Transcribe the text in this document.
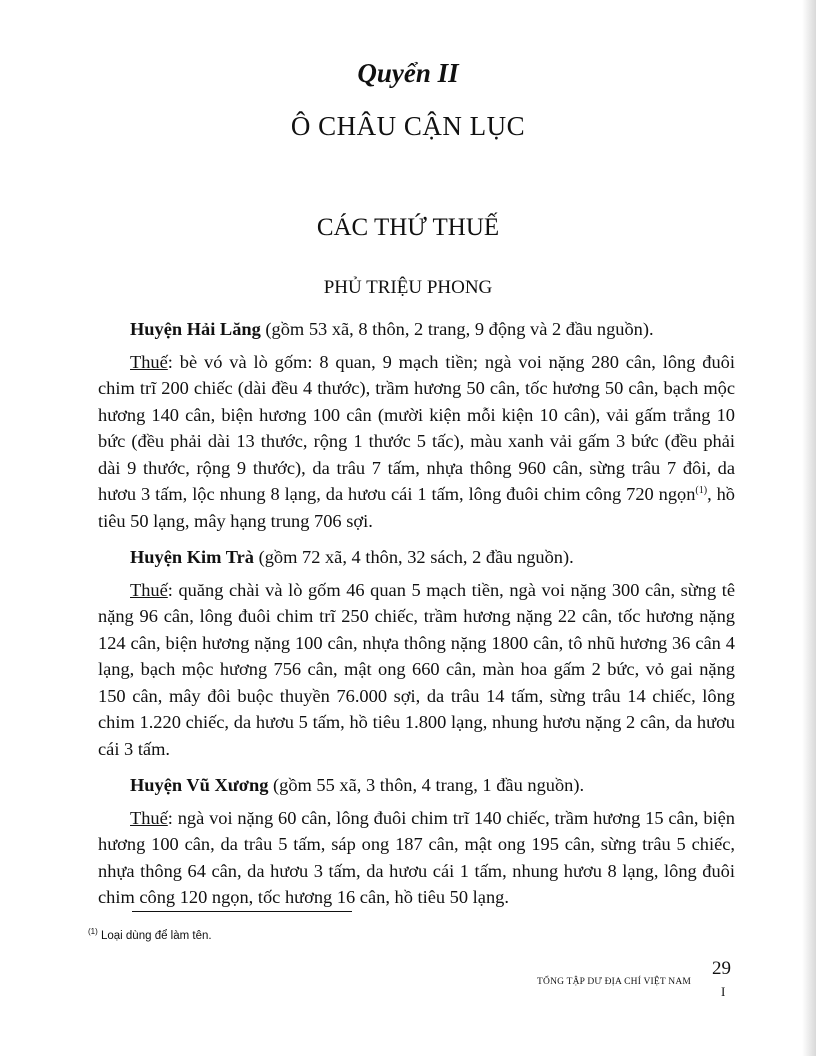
Quyển II
Ô CHÂU CẬN LỤC
CÁC THỨ THUẾ
PHỦ TRIỆU PHONG

Huyện Hải Lăng (gồm 53 xã, 8 thôn, 2 trang, 9 động và 2 đầu nguồn).

Thuế: bè vó và lò gốm: 8 quan, 9 mạch tiền; ngà voi nặng 280 cân, lông đuôi chim trĩ 200 chiếc (dài đều 4 thước), trầm hương 50 cân, tốc hương 50 cân, bạch mộc hương 140 cân, biện hương 100 cân (mười kiện mỗi kiện 10 cân), vải gấm trắng 10 bức (đều phải dài 13 thước, rộng 1 thước 5 tấc), màu xanh vải gấm 3 bức (đều phải dài 9 thước, rộng 9 thước), da trâu 7 tấm, nhựa thông 960 cân, sừng trâu 7 đôi, da hươu 3 tấm, lộc nhung 8 lạng, da hươu cái 1 tấm, lông đuôi chim công 720 ngọn$^{(1)}$, hồ tiêu 50 lạng, mây hạng trung 706 sợi.

Huyện Kim Trà (gồm 72 xã, 4 thôn, 32 sách, 2 đầu nguồn).

Thuế: quăng chài và lò gốm 46 quan 5 mạch tiền, ngà voi nặng 300 cân, sừng tê nặng 96 cân, lông đuôi chim trĩ 250 chiếc, trầm hương nặng 22 cân, tốc hương nặng 124 cân, biện hương nặng 100 cân, nhựa thông nặng 1800 cân, tô nhũ hương 36 cân 4 lạng, bạch mộc hương 756 cân, mật ong 660 cân, màn hoa gấm 2 bức, vỏ gai nặng 150 cân, mây đôi buộc thuyền 76.000 sợi, da trâu 14 tấm, sừng trâu 14 chiếc, lông chim 1.220 chiếc, da hươu 5 tấm, hồ tiêu 1.800 lạng, nhung hươu nặng 2 cân, da hươu cái 3 tấm.

Huyện Vũ Xương (gồm 55 xã, 3 thôn, 4 trang, 1 đầu nguồn).

Thuế: ngà voi nặng 60 cân, lông đuôi chim trĩ 140 chiếc, trầm hương 15 cân, biện hương 100 cân, da trâu 5 tấm, sáp ong 187 cân, mật ong 195 cân, sừng trâu 5 chiếc, nhựa thông 64 cân, da hươu 3 tấm, da hươu cái 1 tấm, nhung hươu 8 lạng, lông đuôi chim công 120 ngọn, tốc hương 16 cân, hồ tiêu 50 lạng.

$^{(1)}$ Loại dùng để làm tên.
TỔNG TẬP DƯ ĐỊA CHÍ VIỆT NAM
29
I
